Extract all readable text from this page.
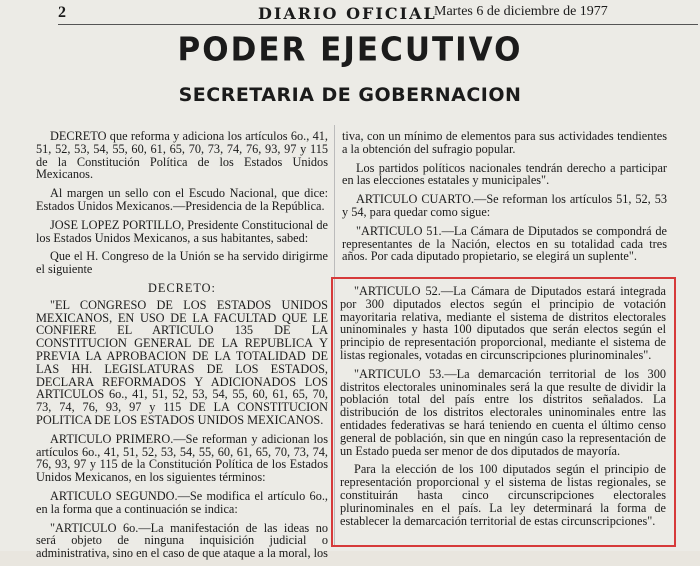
2	DIARIO OFICIAL
Martes 6 de diciembre de 1977
PODER EJECUTIVO
SECRETARIA DE GOBERNACION

DECRETO que reforma y adiciona los artículos 6o., 41, 51, 52, 53, 54, 55, 60, 61, 65, 70, 73, 74, 76, 93, 97 y 115 de la Constitución Política de los Estados Unidos Mexicanos.

Al margen un sello con el Escudo Nacional, que dice: Estados Unidos Mexicanos.—Presidencia de la República.

JOSE LOPEZ PORTILLO, Presidente Constitucional de los Estados Unidos Mexicanos, a sus habitantes, sabed:

Que el H. Congreso de la Unión se ha servido dirigirme el siguiente

DECRETO:

"EL CONGRESO DE LOS ESTADOS UNIDOS MEXICANOS, EN USO DE LA FACULTAD QUE LE CONFIERE EL ARTICULO 135 DE LA CONSTITUCION GENERAL DE LA REPUBLICA Y PREVIA LA APROBACION DE LA TOTALIDAD DE LAS HH. LEGISLATURAS DE LOS ESTADOS, DECLARA REFORMADOS Y ADICIONADOS LOS ARTICULOS 6o., 41, 51, 52, 53, 54, 55, 60, 61, 65, 70, 73, 74, 76, 93, 97 y 115 DE LA CONSTITUCION POLITICA DE LOS ESTADOS UNIDOS MEXICANOS.

ARTICULO PRIMERO.—Se reforman y adicionan los artículos 6o., 41, 51, 52, 53, 54, 55, 60, 61, 65, 70, 73, 74, 76, 93, 97 y 115 de la Constitución Política de los Estados Unidos Mexicanos, en los siguientes términos:

ARTICULO SEGUNDO.—Se modifica el artículo 6o., en la forma que a continuación se indica:

"ARTICULO 6o.—La manifestación de las ideas no será objeto de ninguna inquisición judicial o administrativa, sino en el caso de que ataque a la moral, los

tiva, con un mínimo de elementos para sus actividades tendientes a la obtención del sufragio popular.

Los partidos políticos nacionales tendrán derecho a participar en las elecciones estatales y municipales".

ARTICULO CUARTO.—Se reforman los artículos 51, 52, 53 y 54, para quedar como sigue:

"ARTICULO 51.—La Cámara de Diputados se compondrá de representantes de la Nación, electos en su totalidad cada tres años. Por cada diputado propietario, se elegirá un suplente".

"ARTICULO 52.—La Cámara de Diputados estará integrada por 300 diputados electos según el principio de votación mayoritaria relativa, mediante el sistema de distritos electorales uninominales y hasta 100 diputados que serán electos según el principio de representación proporcional, mediante el sistema de listas regionales, votadas en circunscripciones plurinominales".

"ARTICULO 53.—La demarcación territorial de los 300 distritos electorales uninominales será la que resulte de dividir la población total del país entre los distritos señalados. La distribución de los distritos electorales uninominales entre las entidades federativas se hará teniendo en cuenta el último censo general de población, sin que en ningún caso la representación de un Estado pueda ser menor de dos diputados de mayoría.

Para la elección de los 100 diputados según el principio de representación proporcional y el sistema de listas regionales, se constituirán hasta cinco circunscripciones electorales plurinominales en el país. La ley determinará la forma de establecer la demarcación territorial de estas circunscripciones".
